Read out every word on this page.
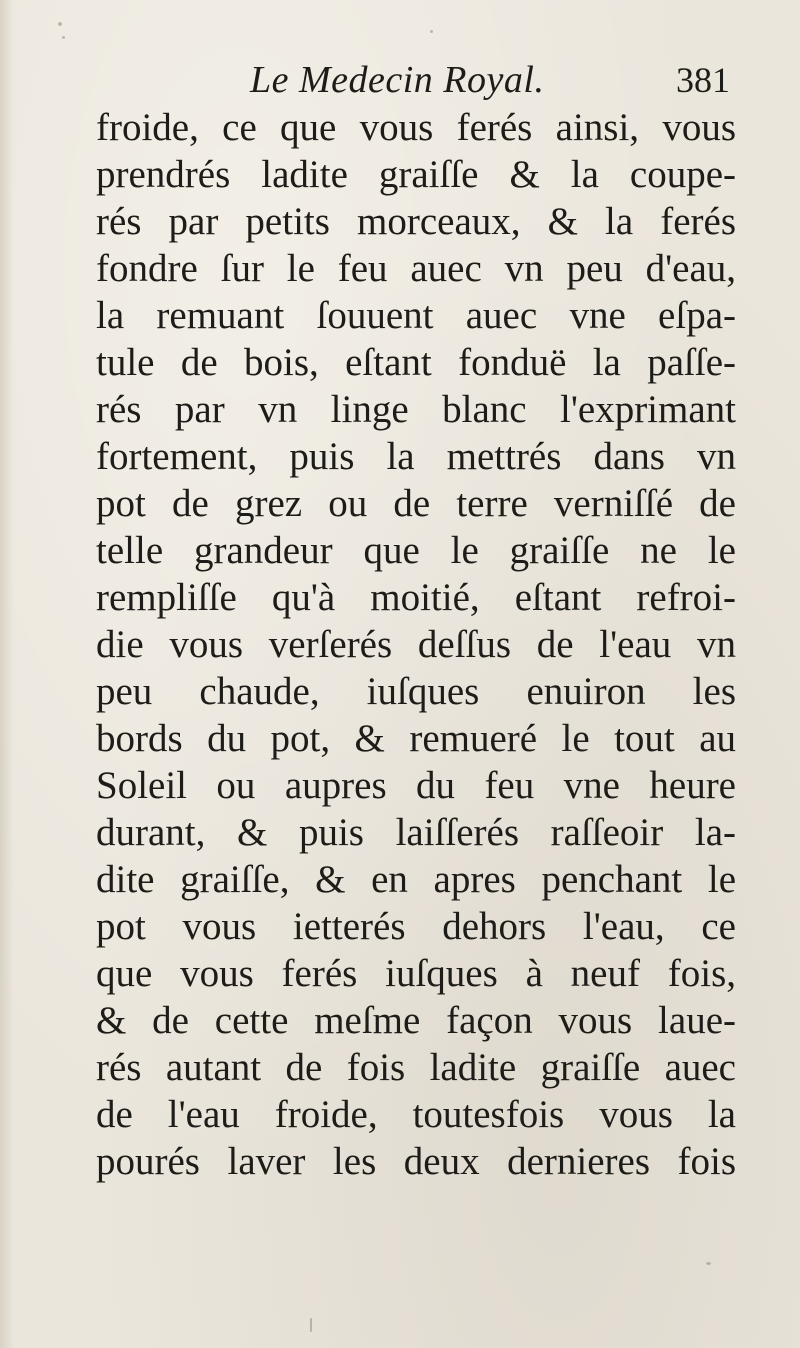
Le Medecin Royal.	381
froide, ce que vous ferés ainsi, vous
prendrés ladite graiſſe & la coupe-
rés par petits morceaux, & la ferés
fondre ſur le feu auec vn peu d'eau,
la remuant ſouuent auec vne eſpa-
tule de bois, eſtant fonduë la paſſe-
rés par vn linge blanc l'exprimant
fortement, puis la mettrés dans vn
pot de grez ou de terre verniſſé de
telle grandeur que le graiſſe ne le
rempliſſe qu'à moitié, eſtant refroi-
die vous verſerés deſſus de l'eau vn
peu chaude, iuſques enuiron les
bords du pot, & remueré le tout au
Soleil ou aupres du feu vne heure
durant, & puis laiſſerés raſſeoir la-
dite graiſſe, & en apres penchant le
pot vous ietterés dehors l'eau, ce
que vous ferés iuſques à neuf fois,
& de cette meſme façon vous laue-
rés autant de fois ladite graiſſe auec
de l'eau froide, toutesfois vous la
pourés laver les deux dernieres fois
